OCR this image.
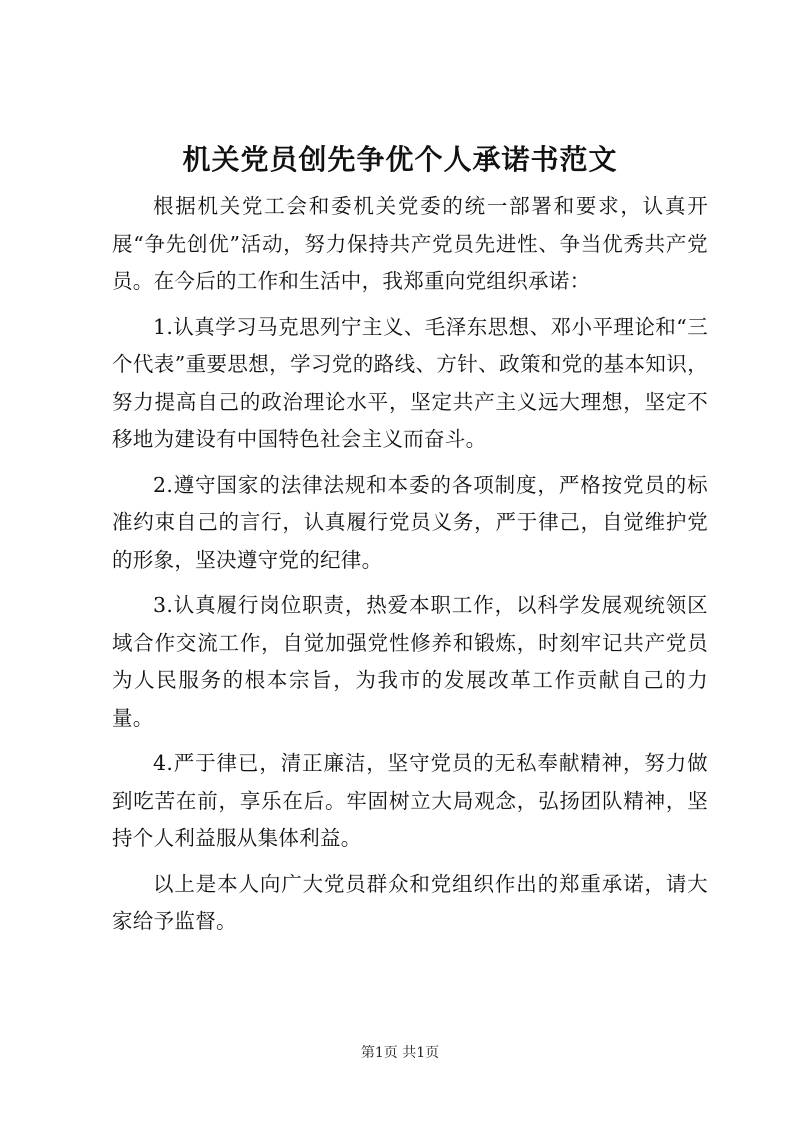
机关党员创先争优个人承诺书范文

根据机关党工会和委机关党委的统一部署和要求，认真开展“争先创优”活动，努力保持共产党员先进性、争当优秀共产党员。在今后的工作和生活中，我郑重向党组织承诺：

1.认真学习马克思列宁主义、毛泽东思想、邓小平理论和“三个代表”重要思想，学习党的路线、方针、政策和党的基本知识，努力提高自己的政治理论水平，坚定共产主义远大理想，坚定不移地为建设有中国特色社会主义而奋斗。

2.遵守国家的法律法规和本委的各项制度，严格按党员的标准约束自己的言行，认真履行党员义务，严于律己，自觉维护党的形象，坚决遵守党的纪律。

3.认真履行岗位职责，热爱本职工作，以科学发展观统领区域合作交流工作，自觉加强党性修养和锻炼，时刻牢记共产党员为人民服务的根本宗旨，为我市的发展改革工作贡献自己的力量。

4.严于律已，清正廉洁，坚守党员的无私奉献精神，努力做到吃苦在前，享乐在后。牢固树立大局观念，弘扬团队精神，坚持个人利益服从集体利益。

以上是本人向广大党员群众和党组织作出的郑重承诺，请大家给予监督。

第1页 共1页
